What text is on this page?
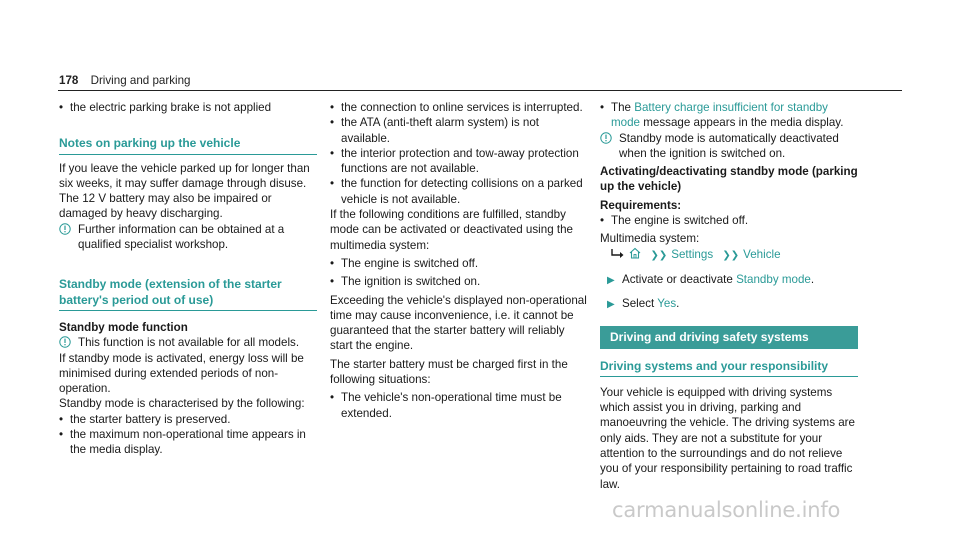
178 Driving and parking

• the electric parking brake is not applied

Notes on parking up the vehicle

If you leave the vehicle parked up for longer than six weeks, it may suffer damage through disuse.

The 12 V battery may also be impaired or damaged by heavy discharging.

Further information can be obtained at a qualified specialist workshop.

Standby mode (extension of the starter battery's period out of use)

Standby mode function

This function is not available for all models.

If standby mode is activated, energy loss will be minimised during extended periods of non-operation.

Standby mode is characterised by the following:

• the starter battery is preserved.

• the maximum non-operational time appears in the media display.

• the connection to online services is interrupted.

• the ATA (anti-theft alarm system) is not available.

• the interior protection and tow-away protection functions are not available.

• the function for detecting collisions on a parked vehicle is not available.

If the following conditions are fulfilled, standby mode can be activated or deactivated using the multimedia system:

• The engine is switched off.

• The ignition is switched on.

Exceeding the vehicle's displayed non-operational time may cause inconvenience, i.e. it cannot be guaranteed that the starter battery will reliably start the engine.

The starter battery must be charged first in the following situations:

• The vehicle's non-operational time must be extended.

• The Battery charge insufficient for standby mode message appears in the media display.

Standby mode is automatically deactivated when the ignition is switched on.

Activating/deactivating standby mode (parking up the vehicle)

Requirements:

• The engine is switched off.

Multimedia system:

❯❯ Settings ❯❯ Vehicle

▶ Activate or deactivate Standby mode.

▶ Select Yes.

Driving and driving safety systems
Driving systems and your responsibility

Your vehicle is equipped with driving systems which assist you in driving, parking and manoeuvring the vehicle. The driving systems are only aids. They are not a substitute for your attention to the surroundings and do not relieve you of your responsibility pertaining to road traffic law.

carmanualsonline.info
